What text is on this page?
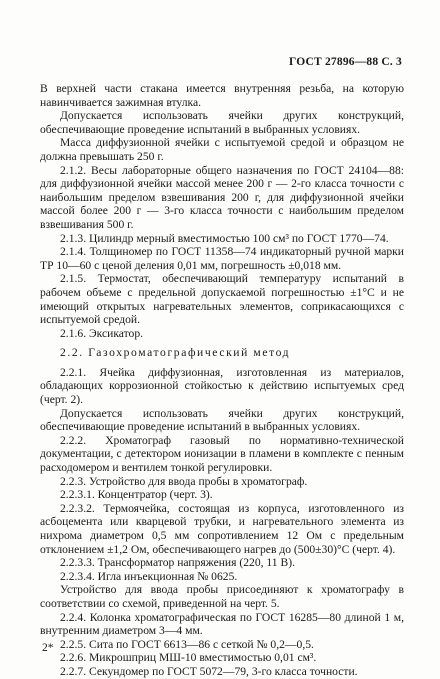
ГОСТ 27896—88 С. 3

В верхней части стакана имеется внутренняя резьба, на которую навинчивается зажимная втулка.

Допускается использовать ячейки других конструкций, обеспечивающие проведение испытаний в выбранных условиях.

Масса диффузионной ячейки с испытуемой средой и образцом не должна превышать 250 г.

2.1.2. Весы лабораторные общего назначения по ГОСТ 24104—88: для диффузионной ячейки массой менее 200 г — 2-го класса точности с наибольшим пределом взвешивания 200 г, для диффузионной ячейки массой более 200 г — 3-го класса точности с наибольшим пределом взвешивания 500 г.

2.1.3. Цилиндр мерный вместимостью 100 см³ по ГОСТ 1770—74.

2.1.4. Толщиномер по ГОСТ 11358—74 индикаторный ручной марки ТР 10—60 с ценой деления 0,01 мм, погрешность ±0,018 мм.

2.1.5. Термостат, обеспечивающий температуру испытаний в рабочем объеме с предельной допускаемой погрешностью ±1°С и не имеющий открытых нагревательных элементов, соприкасающихся с испытуемой средой.

2.1.6. Эксикатор.

2.2. Газохроматографический метод

2.2.1. Ячейка диффузионная, изготовленная из материалов, обладающих коррозионной стойкостью к действию испытуемых сред (черт. 2).

Допускается использовать ячейки других конструкций, обеспечивающие проведение испытаний в выбранных условиях.

2.2.2. Хроматограф газовый по нормативно-технической документации, с детектором ионизации в пламени в комплекте с пенным расходомером и вентилем тонкой регулировки.

2.2.3. Устройство для ввода пробы в хроматограф.

2.2.3.1. Концентратор (черт. 3).

2.2.3.2. Термоячейка, состоящая из корпуса, изготовленного из асбоцемента или кварцевой трубки, и нагревательного элемента из нихрома диаметром 0,5 мм сопротивлением 12 Ом с предельным отклонением ±1,2 Ом, обеспечивающего нагрев до (500±30)°С (черт. 4).

2.2.3.3. Трансформатор напряжения (220, 11 В).

2.2.3.4. Игла инъекционная № 0625.

Устройство для ввода пробы присоединяют к хроматографу в соответствии со схемой, приведенной на черт. 5.

2.2.4. Колонка хроматографическая по ГОСТ 16285—80 длиной 1 м, внутренним диаметром 3—4 мм.

2.2.5. Сита по ГОСТ 6613—86 с сеткой № 0,2—0,5.

2.2.6. Микрошприц МШ-10 вместимостью 0,01 см³.

2.2.7. Секундомер по ГОСТ 5072—79, 3-го класса точности.

2*
